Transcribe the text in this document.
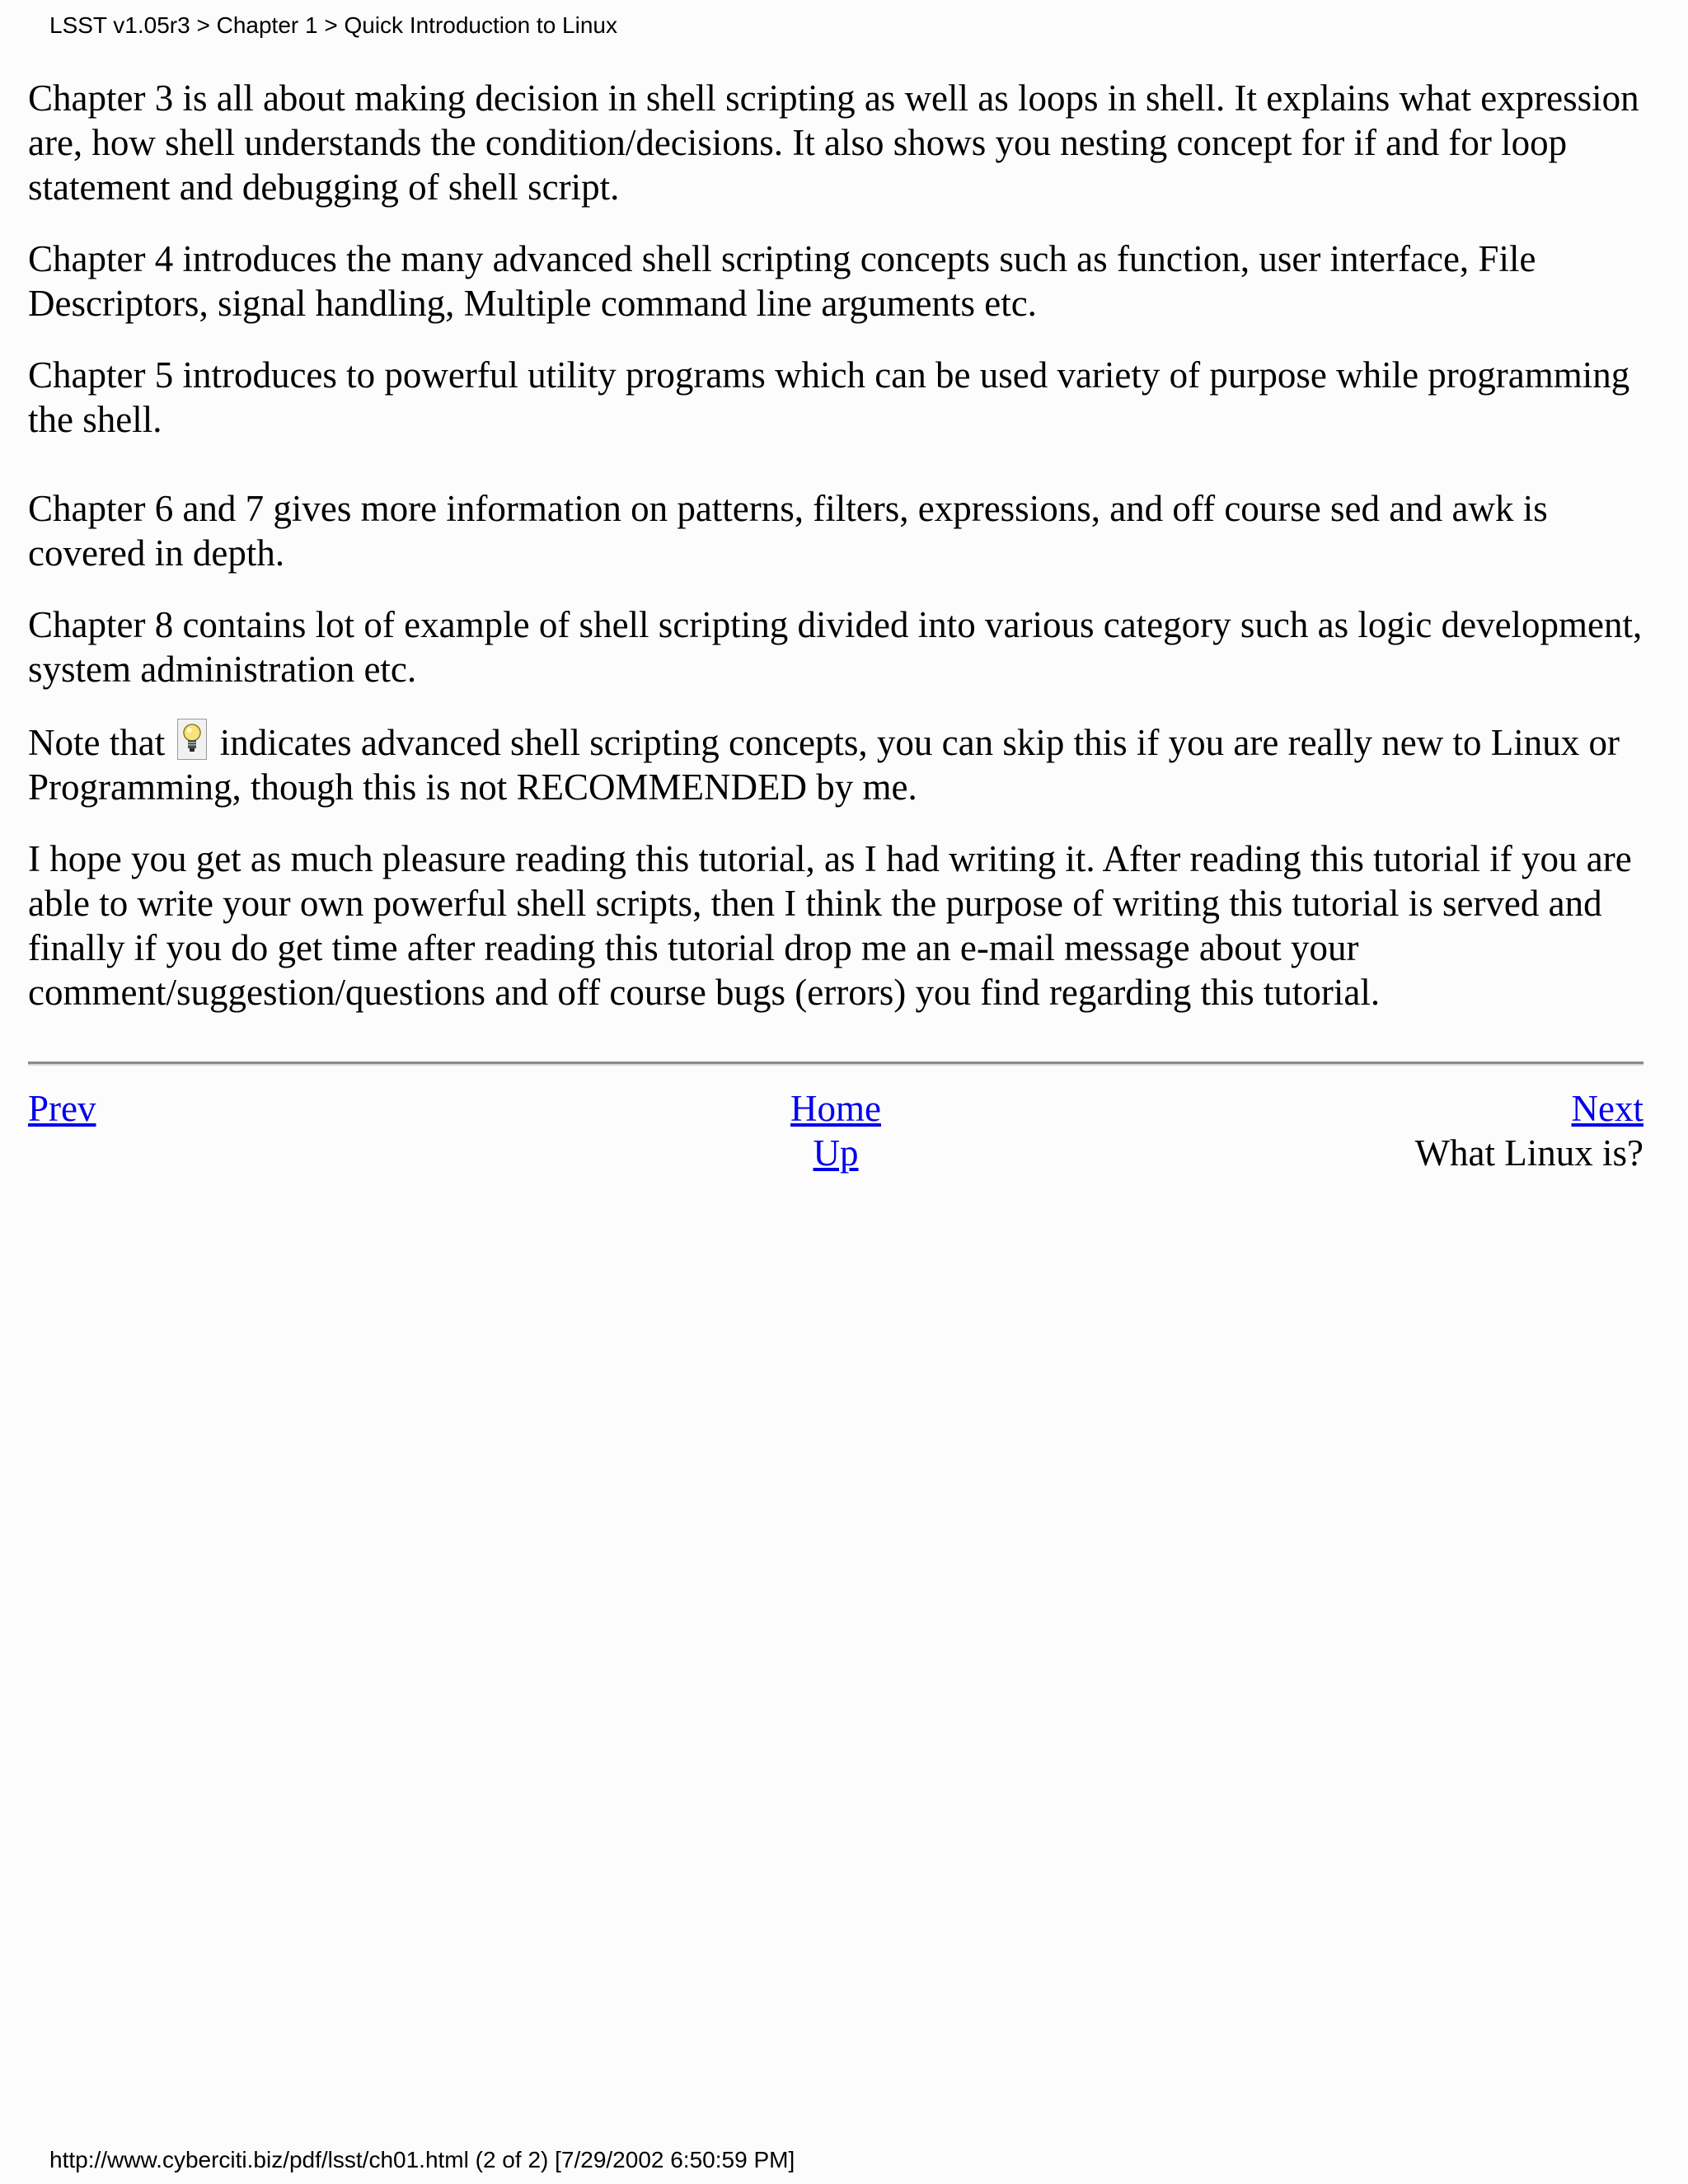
LSST v1.05r3 > Chapter 1 > Quick Introduction to Linux

Chapter 3 is all about making decision in shell scripting as well as loops in shell. It explains what expression are, how shell understands the condition/decisions. It also shows you nesting concept for if and for loop statement and debugging of shell script.

Chapter 4 introduces the many advanced shell scripting concepts such as function, user interface, File Descriptors, signal handling, Multiple command line arguments etc.

Chapter 5 introduces to powerful utility programs which can be used variety of purpose while programming the shell.

Chapter 6 and 7 gives more information on patterns, filters, expressions, and off course sed and awk is covered in depth.

Chapter 8 contains lot of example of shell scripting divided into various category such as logic development, system administration etc.

Note that
indicates advanced shell scripting concepts, you can skip this if you are really new to Linux or Programming, though this is not RECOMMENDED by me.

I hope you get as much pleasure reading this tutorial, as I had writing it. After reading this tutorial if you are able to write your own powerful shell scripts, then I think the purpose of writing this tutorial is served and finally if you do get time after reading this tutorial drop me an e-mail message about your comment/suggestion/questions and off course bugs (errors) you find regarding this tutorial.

Home
Up
Prev	Next
What Linux is?
http://www.cyberciti.biz/pdf/lsst/ch01.html (2 of 2) [7/29/2002 6:50:59 PM]
